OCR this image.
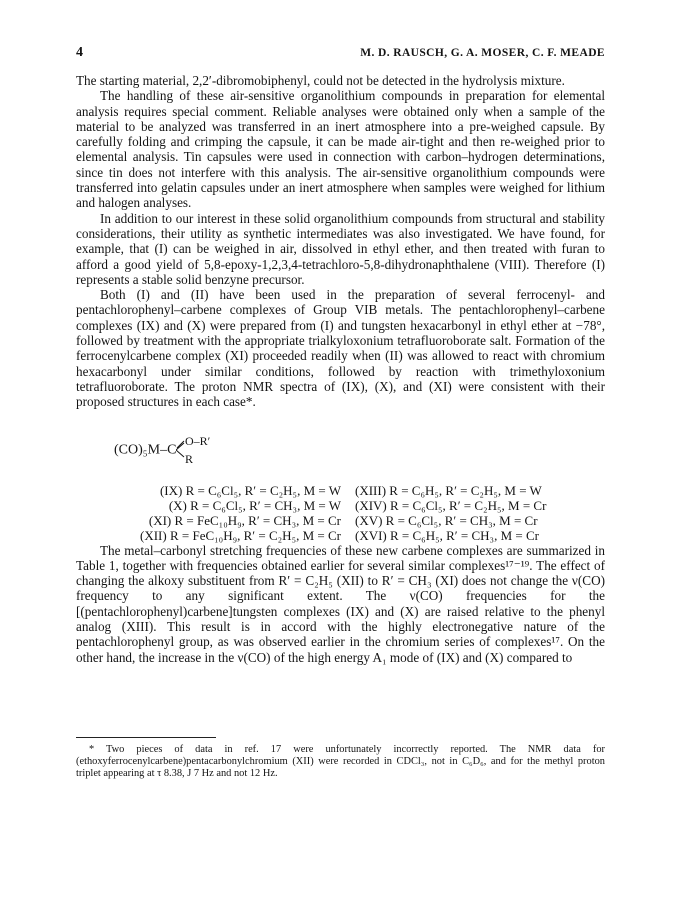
4	M. D. RAUSCH, G. A. MOSER, C. F. MEADE

The starting material, 2,2′-dibromobiphenyl, could not be detected in the hydrolysis mixture.

The handling of these air-sensitive organolithium compounds in preparation for elemental analysis requires special comment. Reliable analyses were obtained only when a sample of the material to be analyzed was transferred in an inert atmosphere into a pre-weighed capsule. By carefully folding and crimping the capsule, it can be made air-tight and then re-weighed prior to elemental analysis. Tin capsules were used in connection with carbon–hydrogen determinations, since tin does not interfere with this analysis. The air-sensitive organolithium compounds were transferred into gelatin capsules under an inert atmosphere when samples were weighed for lithium and halogen analyses.

In addition to our interest in these solid organolithium compounds from structural and stability considerations, their utility as synthetic intermediates was also investigated. We have found, for example, that (I) can be weighed in air, dissolved in ethyl ether, and then treated with furan to afford a good yield of 5,8-epoxy-1,2,3,4-tetrachloro-5,8-dihydronaphthalene (VIII). Therefore (I) represents a stable solid benzyne precursor.

Both (I) and (II) have been used in the preparation of several ferrocenyl- and pentachlorophenyl–carbene complexes of Group VIB metals. The pentachlorophenyl–carbene complexes (IX) and (X) were prepared from (I) and tungsten hexacarbonyl in ethyl ether at −78°, followed by treatment with the appropriate trialkyloxonium tetrafluoroborate salt. Formation of the ferrocenylcarbene complex (XI) proceeded readily when (II) was allowed to react with chromium hexacarbonyl under similar conditions, followed by reaction with trimethyloxonium tetrafluoroborate. The proton NMR spectra of (IX), (X), and (XI) were consistent with their proposed structures in each case*.

(CO)₅M–C
O–R′
R
(IX) R = C₆Cl₅, R′ = C₂H₅, M = W
(X) R = C₆Cl₅, R′ = CH₃, M = W
(XI) R = FeC₁₀H₉, R′ = CH₃, M = Cr
(XII) R = FeC₁₀H₉, R′ = C₂H₅, M = Cr
(XIII) R = C₆H₅, R′ = C₂H₅, M = W
(XIV) R = C₆Cl₅, R′ = C₂H₅, M = Cr
(XV) R = C₆Cl₅, R′ = CH₃, M = Cr
(XVI) R = C₆H₅, R′ = CH₃, M = Cr

The metal–carbonyl stretching frequencies of these new carbene complexes are summarized in Table 1, together with frequencies obtained earlier for several similar complexes¹⁷⁻¹⁹. The effect of changing the alkoxy substituent from R′ = C₂H₅ (XII) to R′ = CH₃ (XI) does not change the ν(CO) frequency to any significant extent. The ν(CO) frequencies for the [(pentachlorophenyl)carbene]tungsten complexes (IX) and (X) are raised relative to the phenyl analog (XIII). This result is in accord with the highly electronegative nature of the pentachlorophenyl group, as was observed earlier in the chromium series of complexes¹⁷. On the other hand, the increase in the ν(CO) of the high energy A₁ mode of (IX) and (X) compared to

* Two pieces of data in ref. 17 were unfortunately incorrectly reported. The NMR data for (ethoxyferrocenylcarbene)pentacarbonylchromium (XII) were recorded in CDCl₃, not in C₆D₆, and for the methyl proton triplet appearing at τ 8.38, J 7 Hz and not 12 Hz.
